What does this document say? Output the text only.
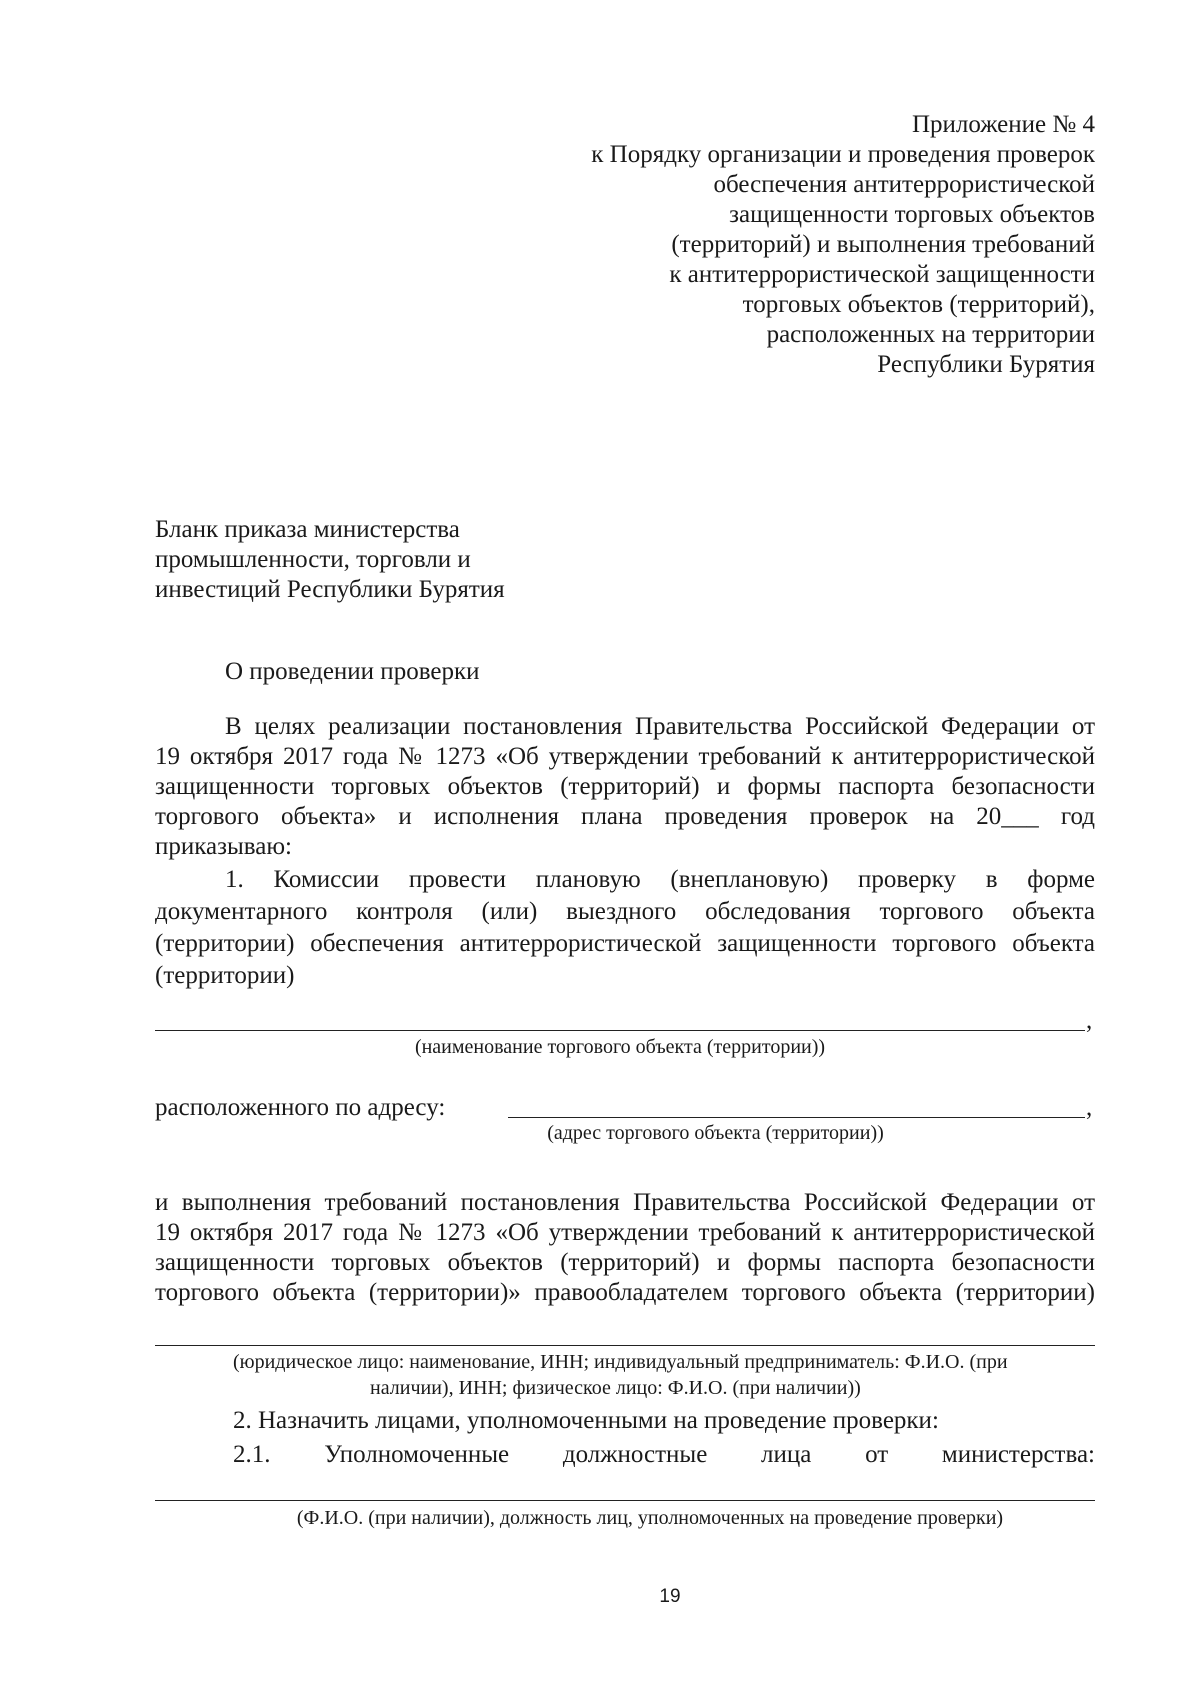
Приложение № 4
к Порядку организации и проведения проверок
обеспечения антитеррористической
защищенности торговых объектов
(территорий) и выполнения требований
к антитеррористической защищенности
торговых объектов (территорий),
расположенных на территории
Республики Бурятия
Бланк приказа министерства
промышленности, торговли и
инвестиций Республики Бурятия
О проведении проверки
В целях реализации постановления Правительства Российской Федерации от
19 октября 2017 года № 1273 «Об утверждении требований к антитеррористической
защищенности торговых объектов (территорий) и формы паспорта безопасности
торгового объекта» и исполнения плана проведения проверок на 20___ год
приказываю:
1. Комиссии провести плановую (внеплановую) проверку в форме
документарного контроля (или) выездного обследования торгового объекта
(территории) обеспечения антитеррористической защищенности торгового объекта
(территории)
,
(наименование торгового объекта (территории))
расположенного по адресу:	,
(адрес торгового объекта (территории))
и выполнения требований постановления Правительства Российской Федерации от
19 октября 2017 года № 1273 «Об утверждении требований к антитеррористической
защищенности торговых объектов (территорий) и формы паспорта безопасности
торгового объекта (территории)» правообладателем торгового объекта (территории)
(юридическое лицо: наименование, ИНН; индивидуальный предприниматель: Ф.И.О. (при
наличии), ИНН; физическое лицо: Ф.И.О. (при наличии))
2. Назначить лицами, уполномоченными на проведение проверки:
2.1. Уполномоченные должностные лица от министерства:
(Ф.И.О. (при наличии), должность лиц, уполномоченных на проведение проверки)
19
